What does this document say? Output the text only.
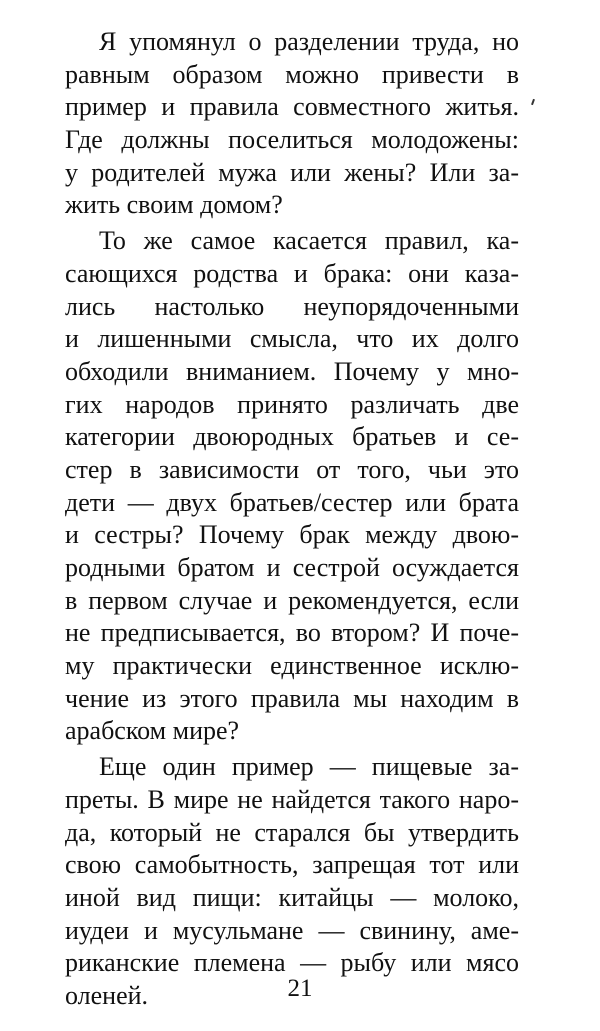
Я упомянул о разделении труда, но
равным образом можно привести в
пример и правила совместного житья.
Где должны поселиться молодожены:
у родителей мужа или жены? Или за-
жить своим домом?
То же самое касается правил, ка-
сающихся родства и брака: они каза-
лись настолько неупорядоченными
и лишенными смысла, что их долго
обходили вниманием. Почему у мно-
гих народов принято различать две
категории двоюродных братьев и се-
стер в зависимости от того, чьи это
дети — двух братьев/сестер или брата
и сестры? Почему брак между двою-
родными братом и сестрой осуждается
в первом случае и рекомендуется, если
не предписывается, во втором? И поче-
му практически единственное исклю-
чение из этого правила мы находим в
арабском мире?
Еще один пример — пищевые за-
преты. В мире не найдется такого наро-
да, который не старался бы утвердить
свою самобытность, запрещая тот или
иной вид пищи: китайцы — молоко,
иудеи и мусульмане — свинину, аме-
риканские племена — рыбу или мясо
оленей.	21
